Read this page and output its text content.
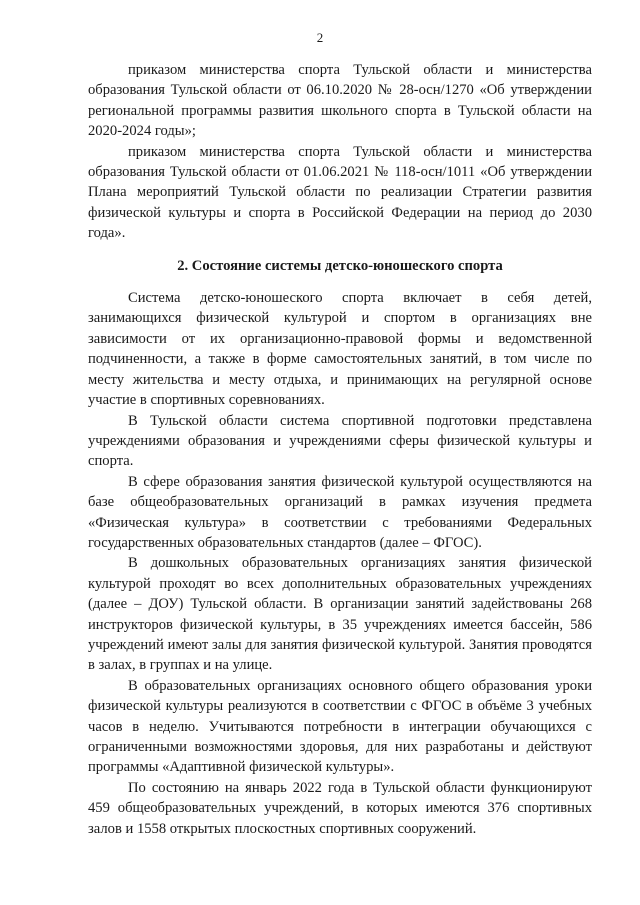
2

приказом министерства спорта Тульской области и министерства образования Тульской области от 06.10.2020 № 28-осн/1270 «Об утверждении региональной программы развития школьного спорта в Тульской области на 2020-2024 годы»;

приказом министерства спорта Тульской области и министерства образования Тульской области от 01.06.2021 № 118-осн/1011 «Об утверждении Плана мероприятий Тульской области по реализации Стратегии развития физической культуры и спорта в Российской Федерации на период до 2030 года».

2. Состояние системы детско-юношеского спорта

Система детско-юношеского спорта включает в себя детей, занимающихся физической культурой и спортом в организациях вне зависимости от их организационно-правовой формы и ведомственной подчиненности, а также в форме самостоятельных занятий, в том числе по месту жительства и месту отдыха, и принимающих на регулярной основе участие в спортивных соревнованиях.

В Тульской области система спортивной подготовки представлена учреждениями образования и учреждениями сферы физической культуры и спорта.

В сфере образования занятия физической культурой осуществляются на базе общеобразовательных организаций в рамках изучения предмета «Физическая культура» в соответствии с требованиями Федеральных государственных образовательных стандартов (далее – ФГОС).

В дошкольных образовательных организациях занятия физической культурой проходят во всех дополнительных образовательных учреждениях (далее – ДОУ) Тульской области. В организации занятий задействованы 268 инструкторов физической культуры, в 35 учреждениях имеется бассейн, 586 учреждений имеют залы для занятия физической культурой. Занятия проводятся в залах, в группах и на улице.

В образовательных организациях основного общего образования уроки физической культуры реализуются в соответствии с ФГОС в объёме 3 учебных часов в неделю. Учитываются потребности в интеграции обучающихся с ограниченными возможностями здоровья, для них разработаны и действуют программы «Адаптивной физической культуры».

По состоянию на январь 2022 года в Тульской области функционируют 459 общеобразовательных учреждений, в которых имеются 376 спортивных залов и 1558 открытых плоскостных спортивных сооружений.
